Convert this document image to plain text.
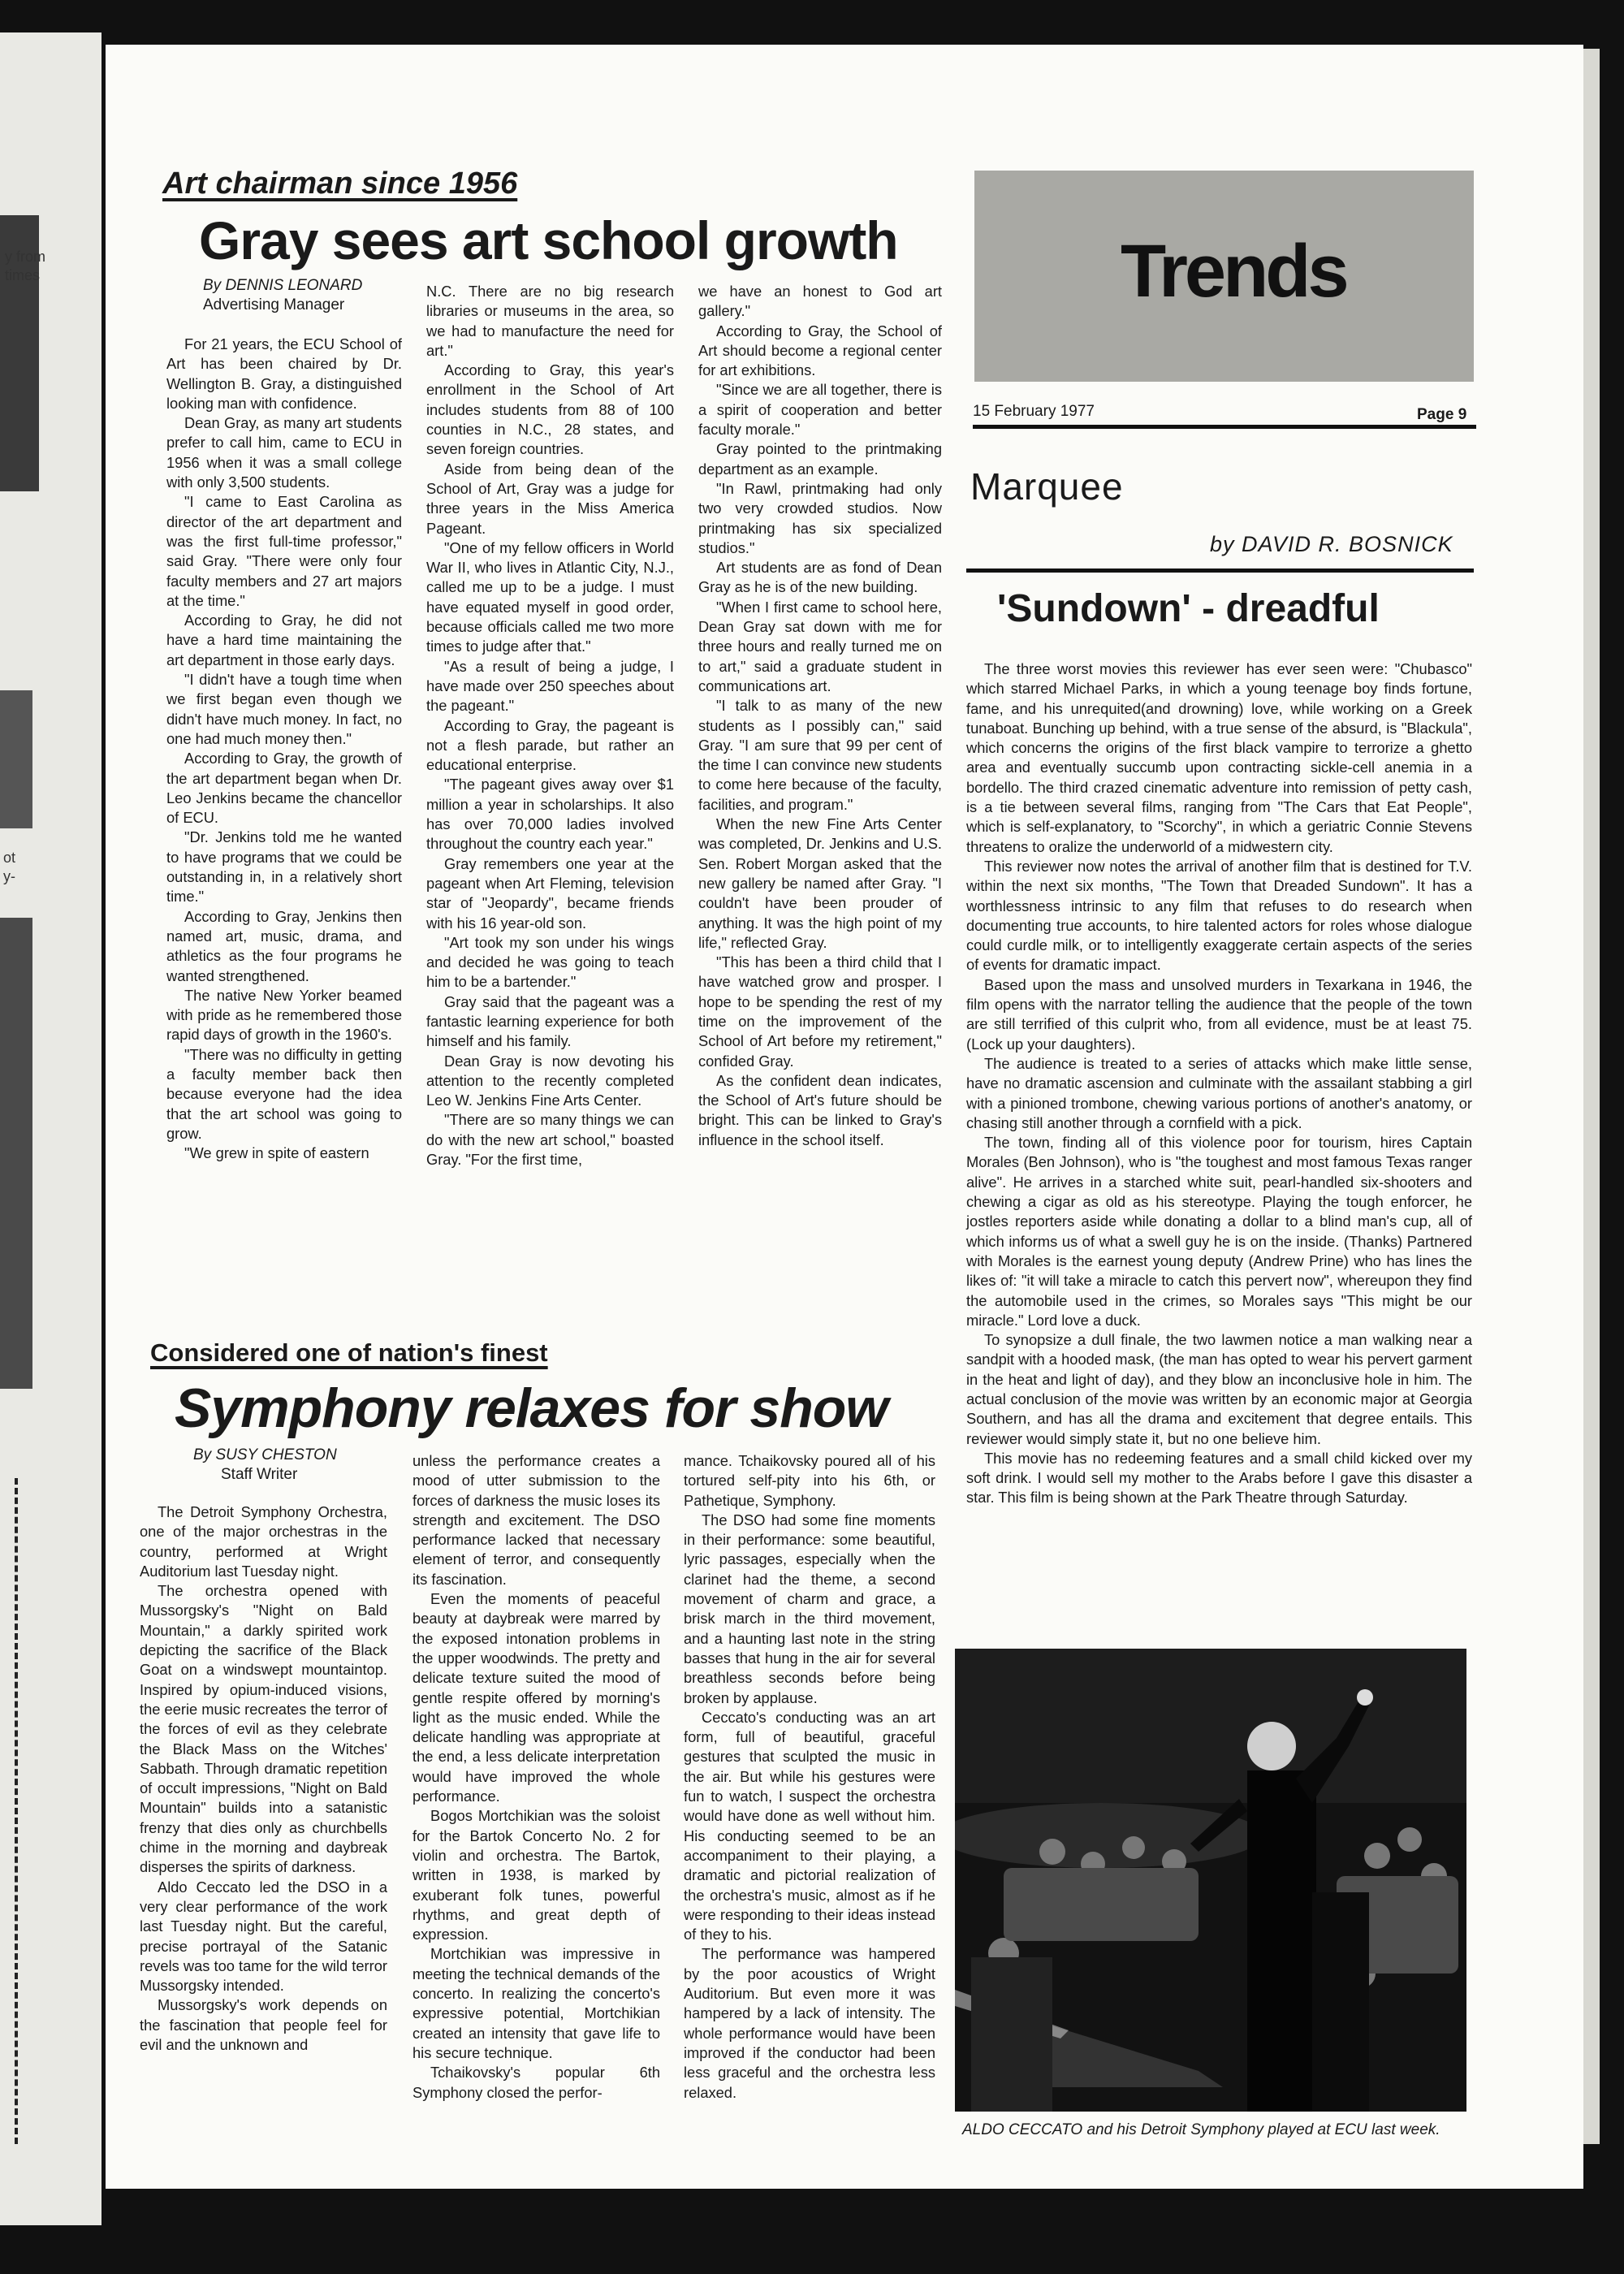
y from
times
ot
y-
Art chairman since 1956
Gray sees art school growth
By DENNIS LEONARD
Advertising Manager

For 21 years, the ECU School of Art has been chaired by Dr. Wellington B. Gray, a distinguished looking man with confidence.

Dean Gray, as many art students prefer to call him, came to ECU in 1956 when it was a small college with only 3,500 students.

"I came to East Carolina as director of the art department and was the first full-time professor," said Gray. "There were only four faculty members and 27 art majors at the time."

According to Gray, he did not have a hard time maintaining the art department in those early days.

"I didn't have a tough time when we first began even though we didn't have much money. In fact, no one had much money then."

According to Gray, the growth of the art department began when Dr. Leo Jenkins became the chancellor of ECU.

"Dr. Jenkins told me he wanted to have programs that we could be outstanding in, in a relatively short time."

According to Gray, Jenkins then named art, music, drama, and athletics as the four programs he wanted strengthened.

The native New Yorker beamed with pride as he remembered those rapid days of growth in the 1960's.

"There was no difficulty in getting a faculty member back then because everyone had the idea that the art school was going to grow.

"We grew in spite of eastern

N.C. There are no big research libraries or museums in the area, so we had to manufacture the need for art."

According to Gray, this year's enrollment in the School of Art includes students from 88 of 100 counties in N.C., 28 states, and seven foreign countries.

Aside from being dean of the School of Art, Gray was a judge for three years in the Miss America Pageant.

"One of my fellow officers in World War II, who lives in Atlantic City, N.J., called me up to be a judge. I must have equated myself in good order, because officials called me two more times to judge after that."

"As a result of being a judge, I have made over 250 speeches about the pageant."

According to Gray, the pageant is not a flesh parade, but rather an educational enterprise.

"The pageant gives away over $1 million a year in scholarships. It also has over 70,000 ladies involved throughout the country each year."

Gray remembers one year at the pageant when Art Fleming, television star of "Jeopardy", became friends with his 16 year-old son.

"Art took my son under his wings and decided he was going to teach him to be a bartender."

Gray said that the pageant was a fantastic learning experience for both himself and his family.

Dean Gray is now devoting his attention to the recently completed Leo W. Jenkins Fine Arts Center.

"There are so many things we can do with the new art school," boasted Gray. "For the first time,

we have an honest to God art gallery."

According to Gray, the School of Art should become a regional center for art exhibitions.

"Since we are all together, there is a spirit of cooperation and better faculty morale."

Gray pointed to the printmaking department as an example.

"In Rawl, printmaking had only two very crowded studios. Now printmaking has six specialized studios."

Art students are as fond of Dean Gray as he is of the new building.

"When I first came to school here, Dean Gray sat down with me for three hours and really turned me on to art," said a graduate student in communications art.

"I talk to as many of the new students as I possibly can," said Gray. "I am sure that 99 per cent of the time I can convince new students to come here because of the faculty, facilities, and program."

When the new Fine Arts Center was completed, Dr. Jenkins and U.S. Sen. Robert Morgan asked that the new gallery be named after Gray. "I couldn't have been prouder of anything. It was the high point of my life," reflected Gray.

"This has been a third child that I have watched grow and prosper. I hope to be spending the rest of my time on the improvement of the School of Art before my retirement," confided Gray.

As the confident dean indicates, the School of Art's future should be bright. This can be linked to Gray's influence in the school itself.

Trends
15 February 1977	Page 9
Marquee
by DAVID R. BOSNICK
'Sundown' - dreadful

The three worst movies this reviewer has ever seen were: "Chubasco" which starred Michael Parks, in which a young teenage boy finds fortune, fame, and his unrequited(and drowning) love, while working on a Greek tunaboat. Bunching up behind, with a true sense of the absurd, is "Blackula", which concerns the origins of the first black vampire to terrorize a ghetto area and eventually succumb upon contracting sickle-cell anemia in a bordello. The third crazed cinematic adventure into remission of petty cash, is a tie between several films, ranging from "The Cars that Eat People", which is self-explanatory, to "Scorchy", in which a geriatric Connie Stevens threatens to oralize the underworld of a midwestern city.

This reviewer now notes the arrival of another film that is destined for T.V. within the next six months, "The Town that Dreaded Sundown". It has a worthlessness intrinsic to any film that refuses to do research when documenting true accounts, to hire talented actors for roles whose dialogue could curdle milk, or to intelligently exaggerate certain aspects of the series of events for dramatic impact.

Based upon the mass and unsolved murders in Texarkana in 1946, the film opens with the narrator telling the audience that the people of the town are still terrified of this culprit who, from all evidence, must be at least 75. (Lock up your daughters).

The audience is treated to a series of attacks which make little sense, have no dramatic ascension and culminate with the assailant stabbing a girl with a pinioned trombone, chewing various portions of another's anatomy, or chasing still another through a cornfield with a pick.

The town, finding all of this violence poor for tourism, hires Captain Morales (Ben Johnson), who is "the toughest and most famous Texas ranger alive". He arrives in a starched white suit, pearl-handled six-shooters and chewing a cigar as old as his stereotype. Playing the tough enforcer, he jostles reporters aside while donating a dollar to a blind man's cup, all of which informs us of what a swell guy he is on the inside. (Thanks) Partnered with Morales is the earnest young deputy (Andrew Prine) who has lines the likes of: "it will take a miracle to catch this pervert now", whereupon they find the automobile used in the crimes, so Morales says "This might be our miracle." Lord love a duck.

To synopsize a dull finale, the two lawmen notice a man walking near a sandpit with a hooded mask, (the man has opted to wear his pervert garment in the heat and light of day), and they blow an inconclusive hole in him. The actual conclusion of the movie was written by an economic major at Georgia Southern, and has all the drama and excitement that degree entails. This reviewer would simply state it, but no one believe him.

This movie has no redeeming features and a small child kicked over my soft drink. I would sell my mother to the Arabs before I gave this disaster a star. This film is being shown at the Park Theatre through Saturday.

ALDO CECCATO and his Detroit Symphony played at ECU last week.
Considered one of nation's finest
Symphony relaxes for show
By SUSY CHESTON
Staff Writer

The Detroit Symphony Orchestra, one of the major orchestras in the country, performed at Wright Auditorium last Tuesday night.

The orchestra opened with Mussorgsky's "Night on Bald Mountain," a darkly spirited work depicting the sacrifice of the Black Goat on a windswept mountaintop. Inspired by opium-induced visions, the eerie music recreates the terror of the forces of evil as they celebrate the Black Mass on the Witches' Sabbath. Through dramatic repetition of occult impressions, "Night on Bald Mountain" builds into a satanistic frenzy that dies only as churchbells chime in the morning and daybreak disperses the spirits of darkness.

Aldo Ceccato led the DSO in a very clear performance of the work last Tuesday night. But the careful, precise portrayal of the Satanic revels was too tame for the wild terror Mussorgsky intended.

Mussorgsky's work depends on the fascination that people feel for evil and the unknown and

unless the performance creates a mood of utter submission to the forces of darkness the music loses its strength and excitement. The DSO performance lacked that necessary element of terror, and consequently its fascination.

Even the moments of peaceful beauty at daybreak were marred by the exposed intonation problems in the upper woodwinds. The pretty and delicate texture suited the mood of gentle respite offered by morning's light as the music ended. While the delicate handling was appropriate at the end, a less delicate interpretation would have improved the whole performance.

Bogos Mortchikian was the soloist for the Bartok Concerto No. 2 for violin and orchestra. The Bartok, written in 1938, is marked by exuberant folk tunes, powerful rhythms, and great depth of expression.

Mortchikian was impressive in meeting the technical demands of the concerto. In realizing the concerto's expressive potential, Mortchikian created an intensity that gave life to his secure technique.

Tchaikovsky's popular 6th Symphony closed the perfor-

mance. Tchaikovsky poured all of his tortured self-pity into his 6th, or Pathetique, Symphony.

The DSO had some fine moments in their performance: some beautiful, lyric passages, especially when the clarinet had the theme, a second movement of charm and grace, a brisk march in the third movement, and a haunting last note in the string basses that hung in the air for several breathless seconds before being broken by applause.

Ceccato's conducting was an art form, full of beautiful, graceful gestures that sculpted the music in the air. But while his gestures were fun to watch, I suspect the orchestra would have done as well without him. His conducting seemed to be an accompaniment to their playing, a dramatic and pictorial realization of the orchestra's music, almost as if he were responding to their ideas instead of they to his.

The performance was hampered by the poor acoustics of Wright Auditorium. But even more it was hampered by a lack of intensity. The whole performance would have been improved if the conductor had been less graceful and the orchestra less relaxed.
